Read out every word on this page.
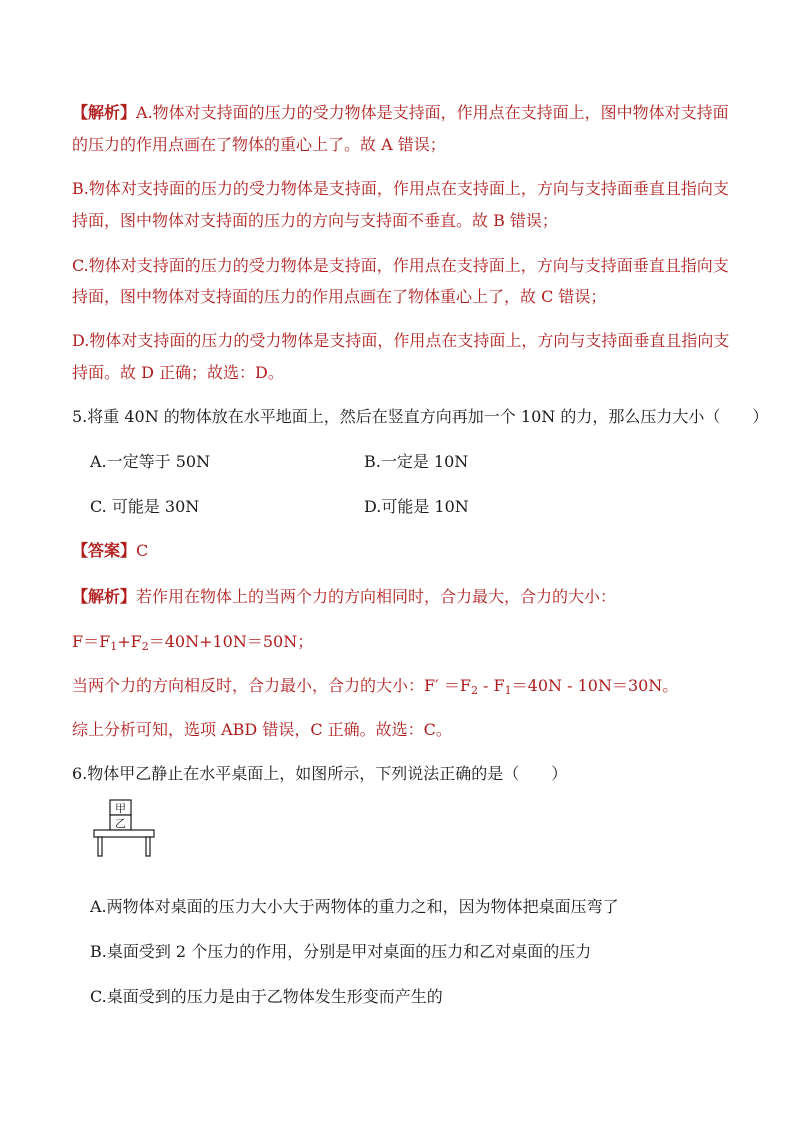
【解析】A.物体对支持面的压力的受力物体是支持面，作用点在支持面上，图中物体对支持面
的压力的作用点画在了物体的重心上了。故 A 错误；
B.物体对支持面的压力的受力物体是支持面，作用点在支持面上，方向与支持面垂直且指向支
持面，图中物体对支持面的压力的方向与支持面不垂直。故 B 错误；
C.物体对支持面的压力的受力物体是支持面，作用点在支持面上，方向与支持面垂直且指向支
持面，图中物体对支持面的压力的作用点画在了物体重心上了，故 C 错误；
D.物体对支持面的压力的受力物体是支持面，作用点在支持面上，方向与支持面垂直且指向支
持面。故 D 正确；故选：D。
5.将重 40N 的物体放在水平地面上，然后在竖直方向再加一个 10N 的力，那么压力大小（　　）
A.一定等于 50N	B.一定是 10N
C. 可能是 30N	D.可能是 10N
【答案】C
【解析】若作用在物体上的当两个力的方向相同时，合力最大，合力的大小：
$F=F_1+F_2=40N+10N=50N$；
当两个力的方向相反时，合力最小，合力的大小：$F' =F_2 - F_1=40N - 10N=30N$。
综上分析可知，选项 ABD 错误，C 正确。故选：C。
6.物体甲乙静止在水平桌面上，如图所示，下列说法正确的是（　　）
甲
乙
A.两物体对桌面的压力大小大于两物体的重力之和，因为物体把桌面压弯了
B.桌面受到 2 个压力的作用，分别是甲对桌面的压力和乙对桌面的压力
C.桌面受到的压力是由于乙物体发生形变而产生的
